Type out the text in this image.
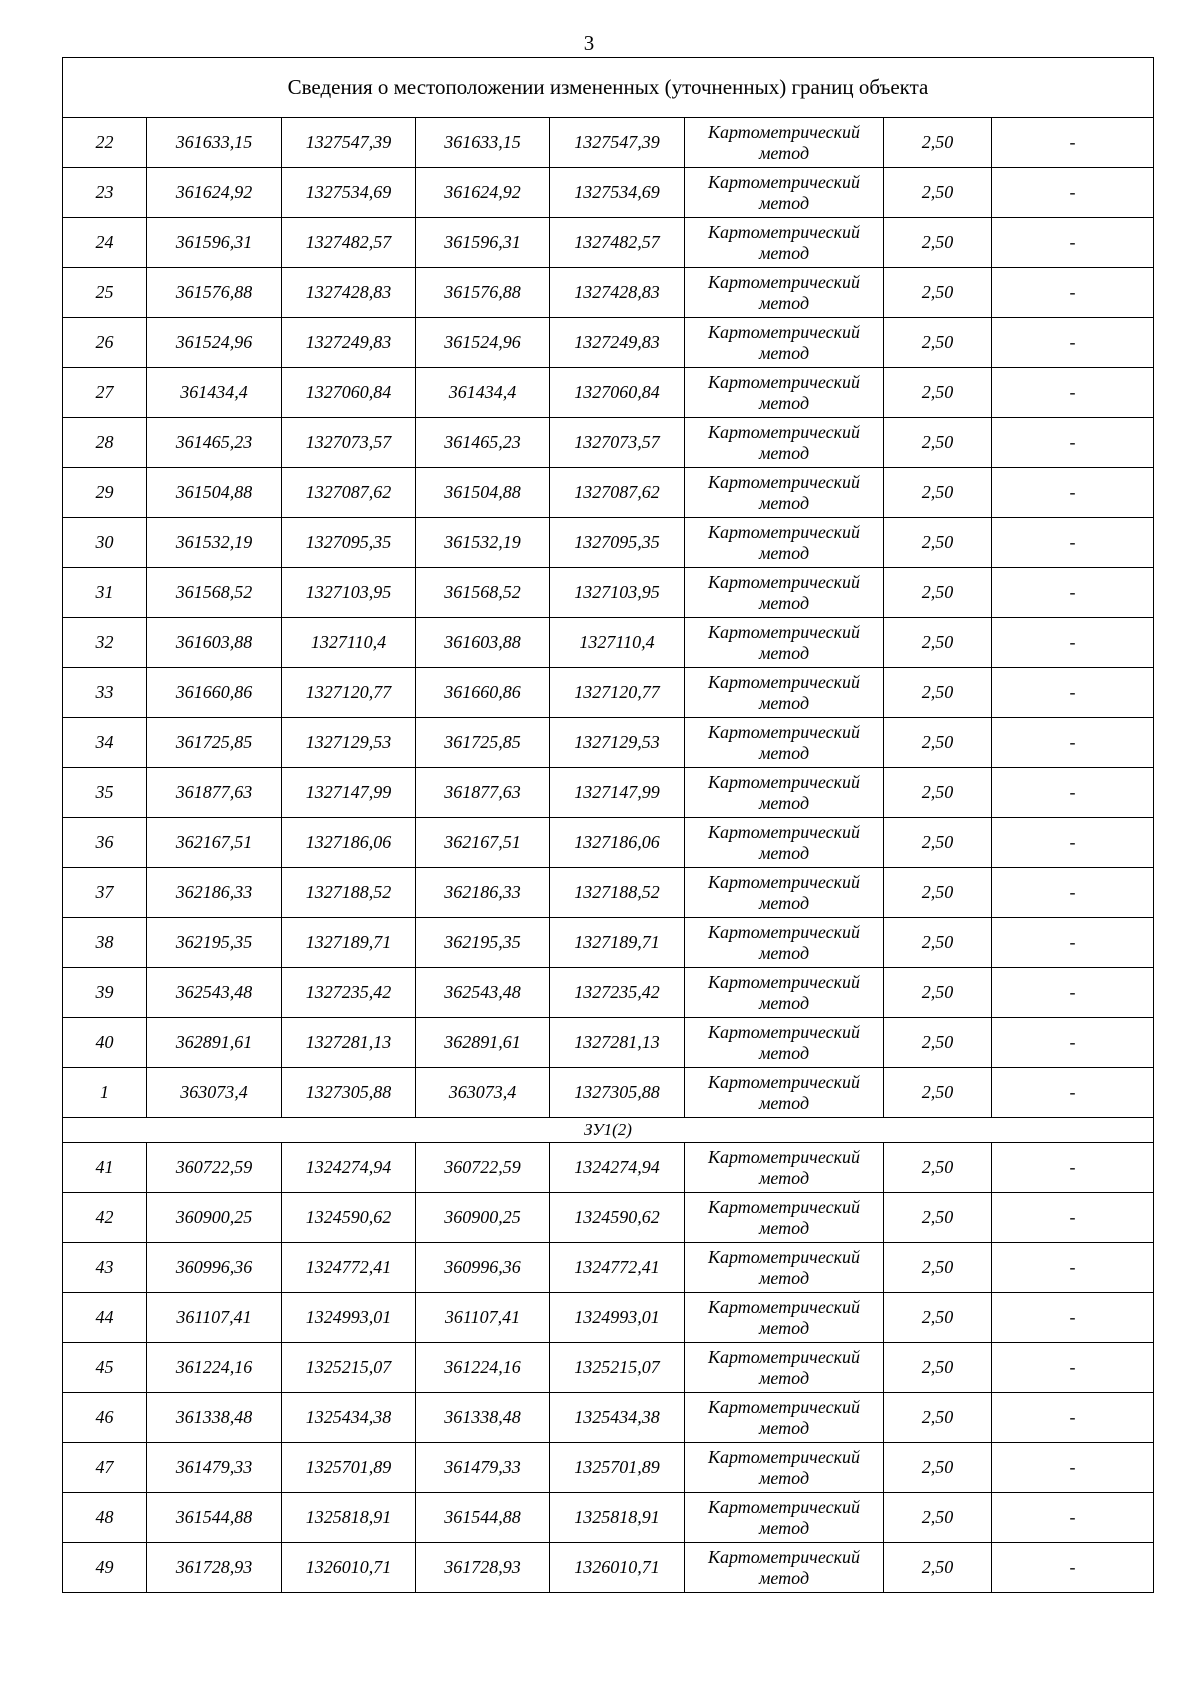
3
Сведения о местоположении измененных (уточненных) границ объекта							
22	361633,15	1327547,39	361633,15	1327547,39	Картометрический
метод	2,50	-
23	361624,92	1327534,69	361624,92	1327534,69	Картометрический
метод	2,50	-
24	361596,31	1327482,57	361596,31	1327482,57	Картометрический
метод	2,50	-
25	361576,88	1327428,83	361576,88	1327428,83	Картометрический
метод	2,50	-
26	361524,96	1327249,83	361524,96	1327249,83	Картометрический
метод	2,50	-
27	361434,4	1327060,84	361434,4	1327060,84	Картометрический
метод	2,50	-
28	361465,23	1327073,57	361465,23	1327073,57	Картометрический
метод	2,50	-
29	361504,88	1327087,62	361504,88	1327087,62	Картометрический
метод	2,50	-
30	361532,19	1327095,35	361532,19	1327095,35	Картометрический
метод	2,50	-
31	361568,52	1327103,95	361568,52	1327103,95	Картометрический
метод	2,50	-
32	361603,88	1327110,4	361603,88	1327110,4	Картометрический
метод	2,50	-
33	361660,86	1327120,77	361660,86	1327120,77	Картометрический
метод	2,50	-
34	361725,85	1327129,53	361725,85	1327129,53	Картометрический
метод	2,50	-
35	361877,63	1327147,99	361877,63	1327147,99	Картометрический
метод	2,50	-
36	362167,51	1327186,06	362167,51	1327186,06	Картометрический
метод	2,50	-
37	362186,33	1327188,52	362186,33	1327188,52	Картометрический
метод	2,50	-
38	362195,35	1327189,71	362195,35	1327189,71	Картометрический
метод	2,50	-
39	362543,48	1327235,42	362543,48	1327235,42	Картометрический
метод	2,50	-
40	362891,61	1327281,13	362891,61	1327281,13	Картометрический
метод	2,50	-
1	363073,4	1327305,88	363073,4	1327305,88	Картометрический
метод	2,50	-
ЗУ1(2)							
41	360722,59	1324274,94	360722,59	1324274,94	Картометрический
метод	2,50	-
42	360900,25	1324590,62	360900,25	1324590,62	Картометрический
метод	2,50	-
43	360996,36	1324772,41	360996,36	1324772,41	Картометрический
метод	2,50	-
44	361107,41	1324993,01	361107,41	1324993,01	Картометрический
метод	2,50	-
45	361224,16	1325215,07	361224,16	1325215,07	Картометрический
метод	2,50	-
46	361338,48	1325434,38	361338,48	1325434,38	Картометрический
метод	2,50	-
47	361479,33	1325701,89	361479,33	1325701,89	Картометрический
метод	2,50	-
48	361544,88	1325818,91	361544,88	1325818,91	Картометрический
метод	2,50	-
49	361728,93	1326010,71	361728,93	1326010,71	Картометрический
метод	2,50	-
